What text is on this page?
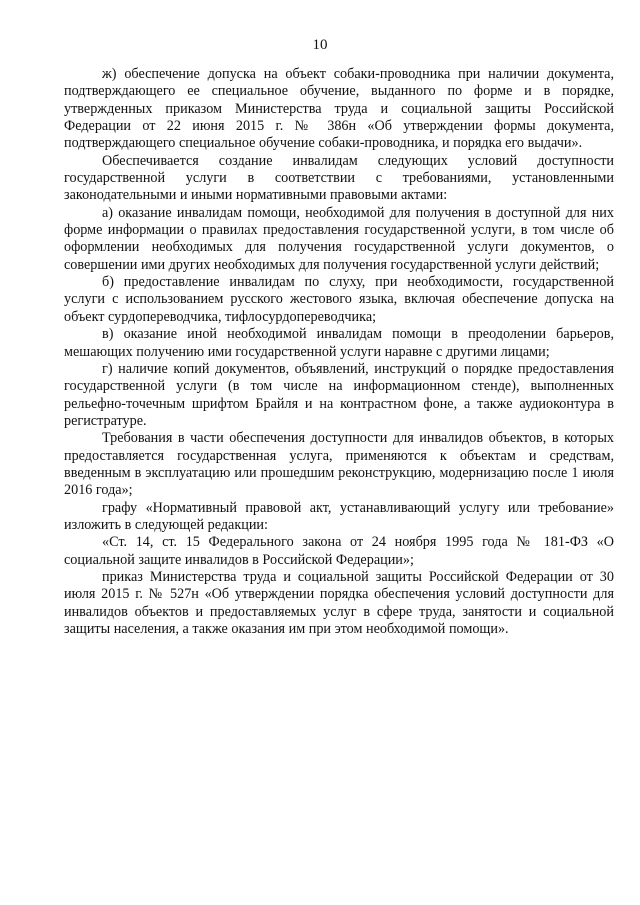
10

ж) обеспечение допуска на объект собаки-проводника при наличии документа, подтверждающего ее специальное обучение, выданного по форме и в порядке, утвержденных приказом Министерства труда и социальной защиты Российской Федерации от 22 июня 2015 г. № 386н «Об утверждении формы документа, подтверждающего специальное обучение собаки-проводника, и порядка его выдачи».

Обеспечивается создание инвалидам следующих условий доступности государственной услуги в соответствии с требованиями, установленными законодательными и иными нормативными правовыми актами:

а) оказание инвалидам помощи, необходимой для получения в доступной для них форме информации о правилах предоставления государственной услуги, в том числе об оформлении необходимых для получения государственной услуги документов, о совершении ими других необходимых для получения государственной услуги действий;

б) предоставление инвалидам по слуху, при необходимости, государственной услуги с использованием русского жестового языка, включая обеспечение допуска на объект сурдопереводчика, тифлосурдопереводчика;

в) оказание иной необходимой инвалидам помощи в преодолении барьеров, мешающих получению ими государственной услуги наравне с другими лицами;

г) наличие копий документов, объявлений, инструкций о порядке предоставления государственной услуги (в том числе на информационном стенде), выполненных рельефно-точечным шрифтом Брайля и на контрастном фоне, а также аудиоконтура в регистратуре.

Требования в части обеспечения доступности для инвалидов объектов, в которых предоставляется государственная услуга, применяются к объектам и средствам, введенным в эксплуатацию или прошедшим реконструкцию, модернизацию после 1 июля 2016 года»;

графу «Нормативный правовой акт, устанавливающий услугу или требование» изложить в следующей редакции:

«Ст. 14, ст. 15 Федерального закона от 24 ноября 1995 года № 181-ФЗ «О социальной защите инвалидов в Российской Федерации»;

приказ Министерства труда и социальной защиты Российской Федерации от 30 июля 2015 г. № 527н «Об утверждении порядка обеспечения условий доступности для инвалидов объектов и предоставляемых услуг в сфере труда, занятости и социальной защиты населения, а также оказания им при этом необходимой помощи».
